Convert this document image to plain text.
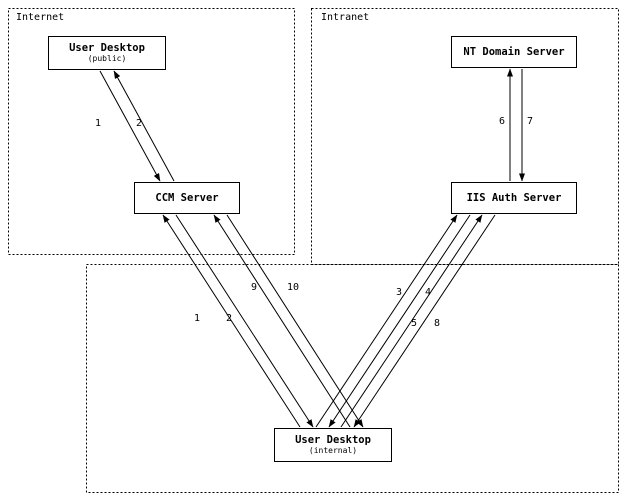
Internet	Intranet
User Desktop
(public)
CCM Server
NT Domain Server
IIS Auth Server
User Desktop
(internal)
1	2	6 7
9	10	3 4
1	2	5 8
